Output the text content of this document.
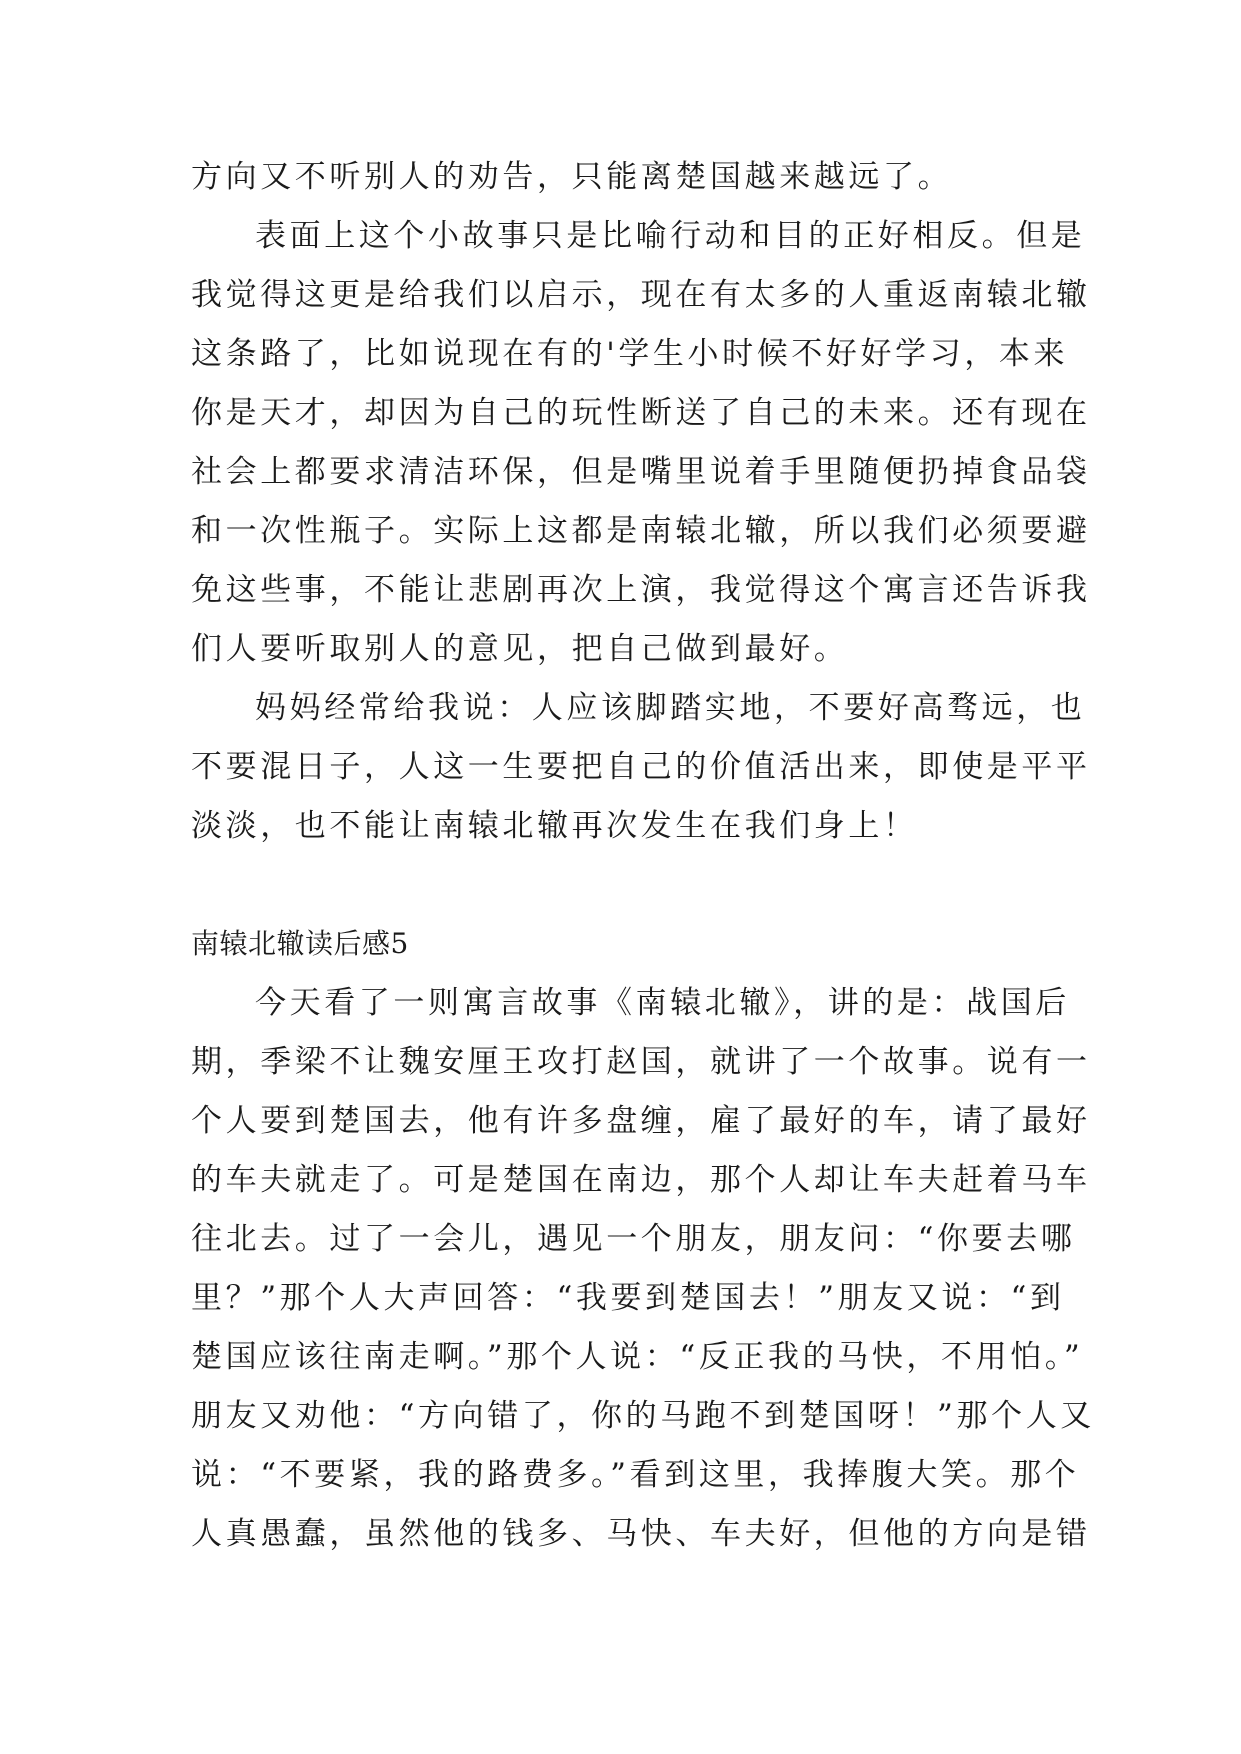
方向又不听别人的劝告，只能离楚国越来越远了。
表面上这个小故事只是比喻行动和目的正好相反。但是
我觉得这更是给我们以启示，现在有太多的人重返南辕北辙
这条路了，比如说现在有的'学生小时候不好好学习，本来
你是天才，却因为自己的玩性断送了自己的未来。还有现在
社会上都要求清洁环保，但是嘴里说着手里随便扔掉食品袋
和一次性瓶子。实际上这都是南辕北辙，所以我们必须要避
免这些事，不能让悲剧再次上演，我觉得这个寓言还告诉我
们人要听取别人的意见，把自己做到最好。
妈妈经常给我说：人应该脚踏实地，不要好高骛远，也
不要混日子，人这一生要把自己的价值活出来，即使是平平
淡淡，也不能让南辕北辙再次发生在我们身上！
南辕北辙读后感5
今天看了一则寓言故事《南辕北辙》，讲的是：战国后
期，季梁不让魏安厘王攻打赵国，就讲了一个故事。说有一
个人要到楚国去，他有许多盘缠，雇了最好的车，请了最好
的车夫就走了。可是楚国在南边，那个人却让车夫赶着马车
往北去。过了一会儿，遇见一个朋友，朋友问：“你要去哪
里？”那个人大声回答：“我要到楚国去！”朋友又说：“到
楚国应该往南走啊。”那个人说：“反正我的马快，不用怕。”
朋友又劝他：“方向错了，你的马跑不到楚国呀！”那个人又
说：“不要紧，我的路费多。”看到这里，我捧腹大笑。那个
人真愚蠢，虽然他的钱多、马快、车夫好，但他的方向是错
